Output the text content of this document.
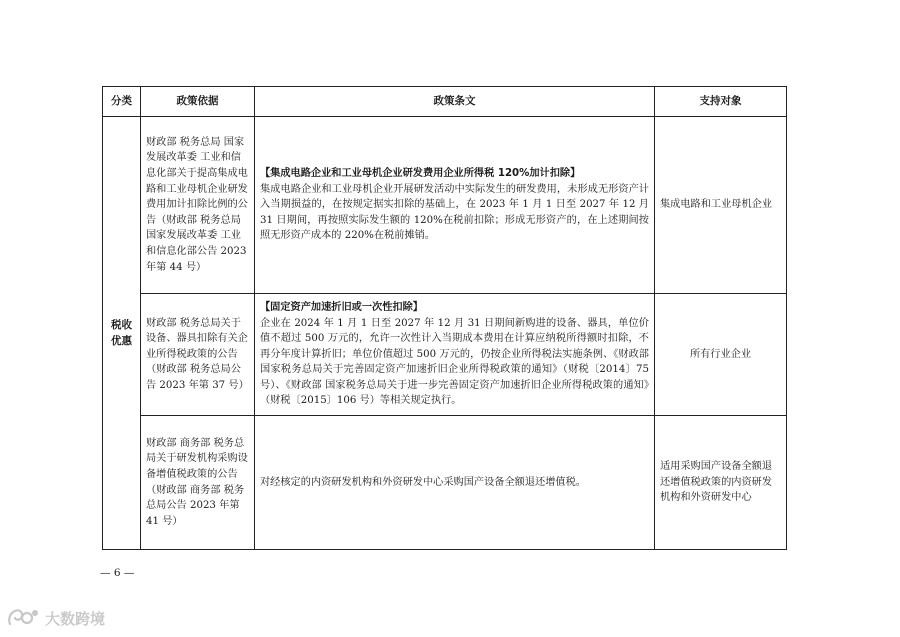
分类	政策依据	政策条文	支持对象

税收
优惠	财政部 税务总局 国家发展改革委 工业和信息化部关于提高集成电路和工业母机企业研发费用加计扣除比例的公告（财政部 税务总局 国家发展改革委 工业和信息化部公告 2023 年第 44 号）	【集成电路企业和工业母机企业研发费用企业所得税 120%加计扣除】
集成电路企业和工业母机企业开展研发活动中实际发生的研发费用，未形成无形资产计入当期损益的，在按规定据实扣除的基础上，在 2023 年 1 月 1 日至 2027 年 12 月 31 日期间，再按照实际发生额的 120%在税前扣除；形成无形资产的，在上述期间按照无形资产成本的 220%在税前摊销。	集成电路和工业母机企业
	财政部 税务总局关于设备、器具扣除有关企业所得税政策的公告（财政部 税务总局公告 2023 年第 37 号）	【固定资产加速折旧或一次性扣除】
企业在 2024 年 1 月 1 日至 2027 年 12 月 31 日期间新购进的设备、器具，单位价值不超过 500 万元的，允许一次性计入当期成本费用在计算应纳税所得额时扣除，不再分年度计算折旧；单位价值超过 500 万元的，仍按企业所得税法实施条例、《财政部 国家税务总局关于完善固定资产加速折旧企业所得税政策的通知》（财税〔2014〕75 号）、《财政部 国家税务总局关于进一步完善固定资产加速折旧企业所得税政策的通知》（财税〔2015〕106 号）等相关规定执行。	所有行业企业
	财政部 商务部 税务总局关于研发机构采购设备增值税政策的公告（财政部 商务部 税务总局公告 2023 年第 41 号）	对经核定的内资研发机构和外资研发中心采购国产设备全额退还增值税。	适用采购国产设备全额退还增值税政策的内资研发机构和外资研发中心
— 6 —
大数跨境
